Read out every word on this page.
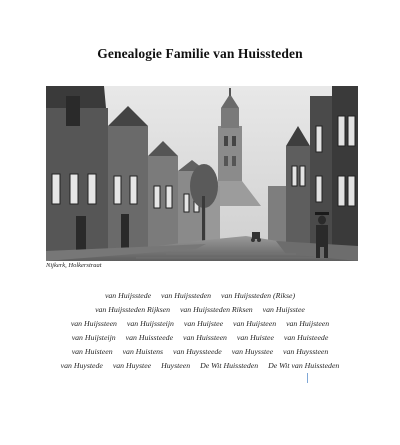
Genealogie Familie van Huissteden
Nijkerk, Holkerstraat
van Huijsstede van Huijssteden van Huijssteden (Rikse)
van Huijssteden Rijksen van Huijssteden Riksen van Huijsstee
van Huijssteen van Huijssteijn van Huijstee van Huijsteen van Huijsteen
van Huijsteijn van Huissteede van Huissteen van Huistee van Huisteede
van Huisteen van Huistens van Huyssteede van Huysstee van Huyssteen
van Huystede van Huystee Huysteen De Wit Huissteden De Wit van Huissteden
